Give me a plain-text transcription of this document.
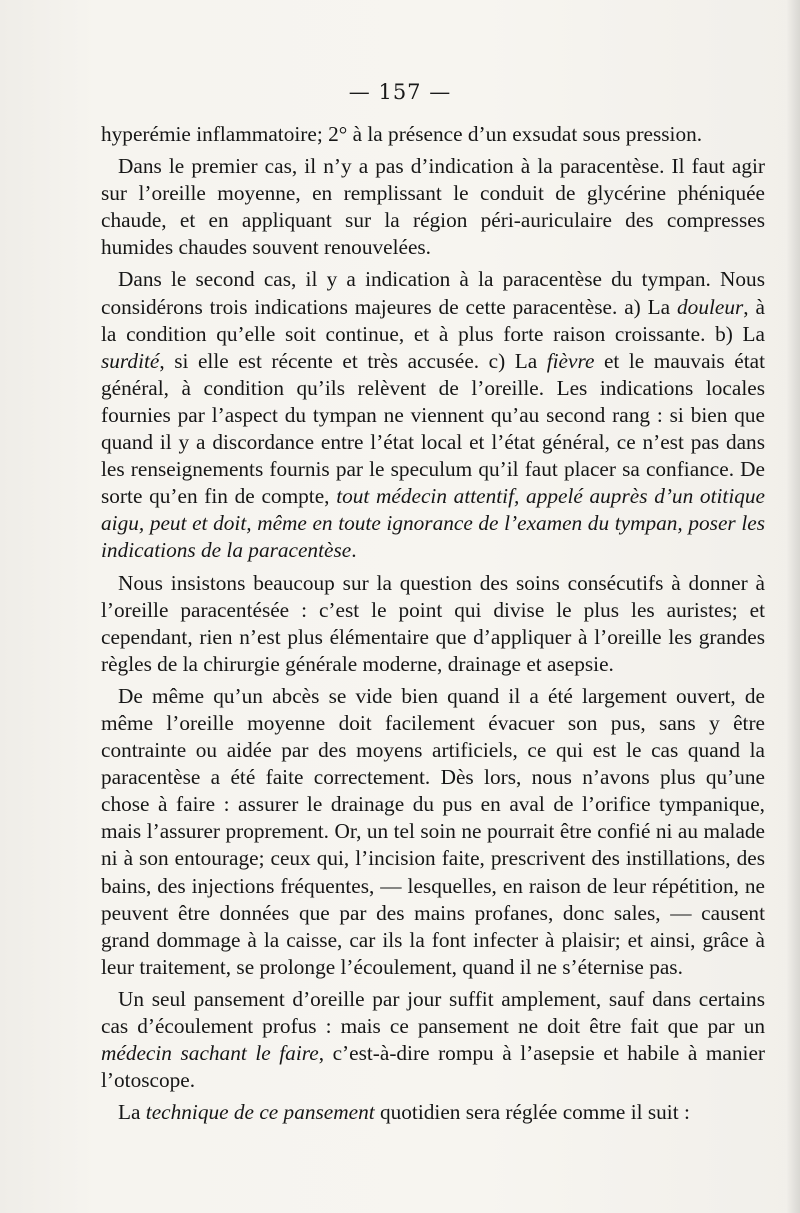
— 157 —

hyperémie inflammatoire; 2° à la présence d’un exsudat sous pression.

Dans le premier cas, il n’y a pas d’indication à la paracentèse. Il faut agir sur l’oreille moyenne, en remplissant le conduit de glycérine phéniquée chaude, et en appliquant sur la région péri-auriculaire des compresses humides chaudes souvent renouvelées.

Dans le second cas, il y a indication à la paracentèse du tympan. Nous considérons trois indications majeures de cette paracentèse. a) La douleur, à la condition qu’elle soit continue, et à plus forte raison croissante. b) La surdité, si elle est récente et très accusée. c) La fièvre et le mauvais état général, à condition qu’ils relèvent de l’oreille. Les indications locales fournies par l’aspect du tympan ne viennent qu’au second rang : si bien que quand il y a discordance entre l’état local et l’état général, ce n’est pas dans les renseignements fournis par le speculum qu’il faut placer sa confiance. De sorte qu’en fin de compte, tout médecin attentif, appelé auprès d’un otitique aigu, peut et doit, même en toute ignorance de l’examen du tympan, poser les indications de la paracentèse.

Nous insistons beaucoup sur la question des soins consécutifs à donner à l’oreille paracentésée : c’est le point qui divise le plus les auristes; et cependant, rien n’est plus élémentaire que d’appliquer à l’oreille les grandes règles de la chirurgie générale moderne, drainage et asepsie.

De même qu’un abcès se vide bien quand il a été largement ouvert, de même l’oreille moyenne doit facilement évacuer son pus, sans y être contrainte ou aidée par des moyens artificiels, ce qui est le cas quand la paracentèse a été faite correctement. Dès lors, nous n’avons plus qu’une chose à faire : assurer le drainage du pus en aval de l’orifice tympanique, mais l’assurer proprement. Or, un tel soin ne pourrait être confié ni au malade ni à son entourage; ceux qui, l’incision faite, prescrivent des instillations, des bains, des injections fréquentes, — lesquelles, en raison de leur répétition, ne peuvent être données que par des mains profanes, donc sales, — causent grand dommage à la caisse, car ils la font infecter à plaisir; et ainsi, grâce à leur traitement, se prolonge l’écoulement, quand il ne s’éternise pas.

Un seul pansement d’oreille par jour suffit amplement, sauf dans certains cas d’écoulement profus : mais ce pansement ne doit être fait que par un médecin sachant le faire, c’est-à-dire rompu à l’asepsie et habile à manier l’otoscope.

La technique de ce pansement quotidien sera réglée comme il suit :
